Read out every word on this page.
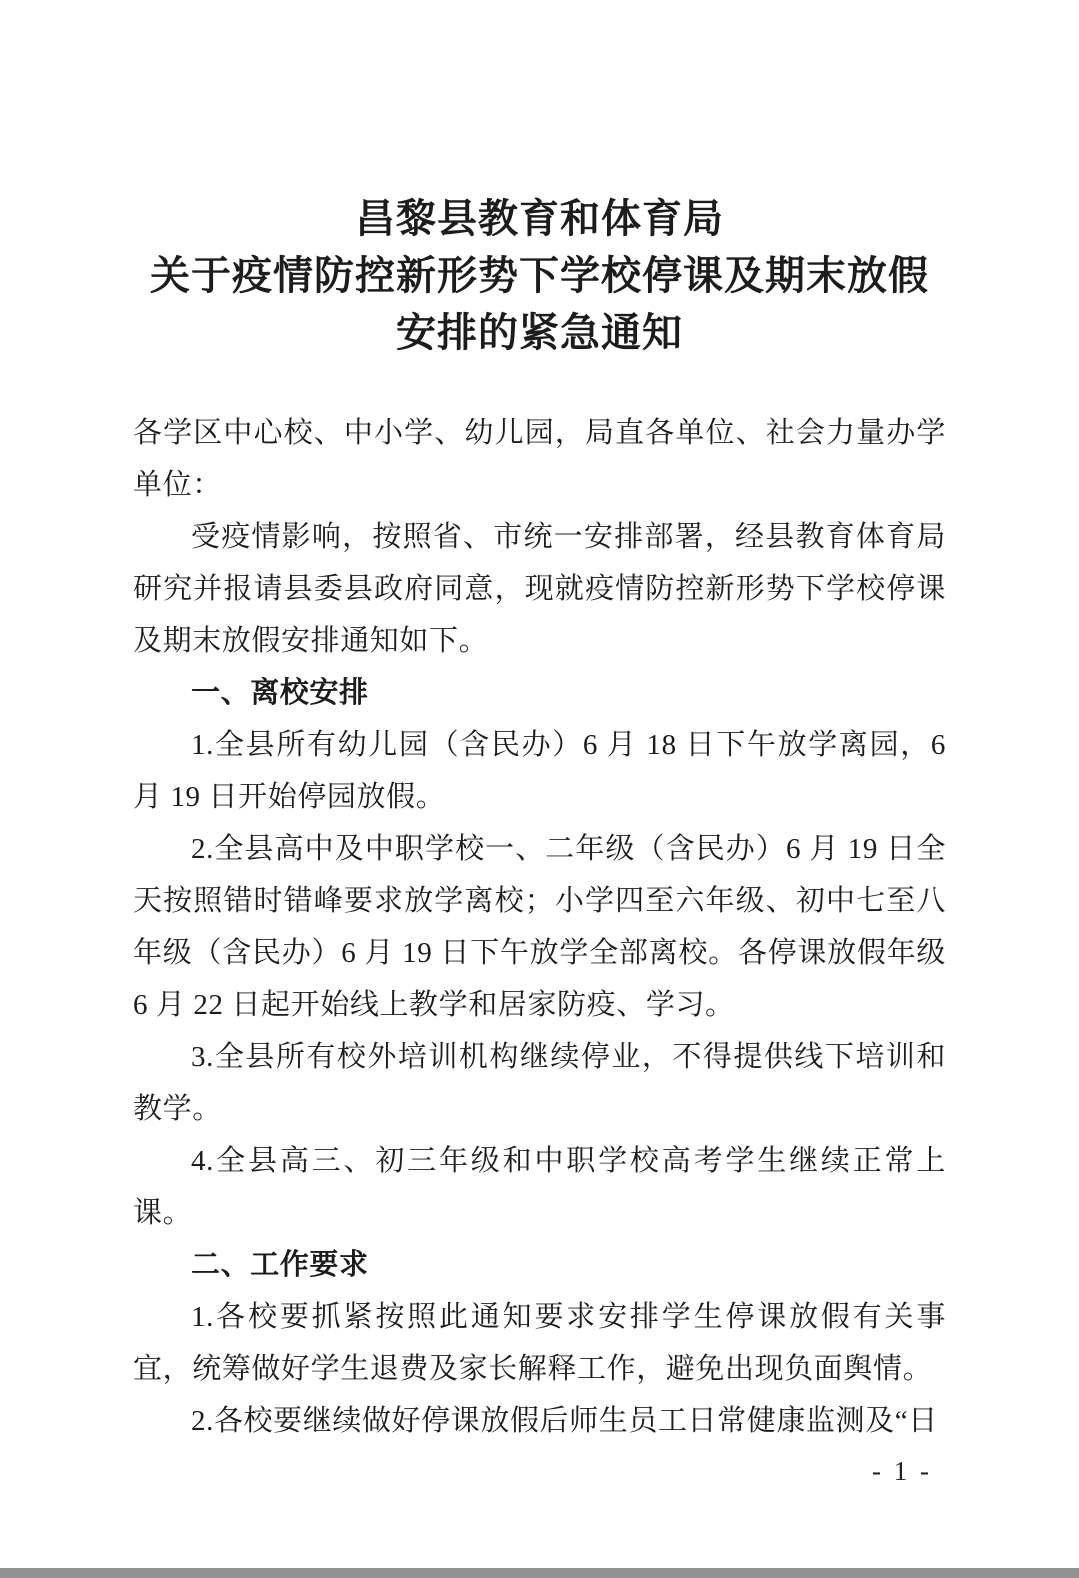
昌黎县教育和体育局
关于疫情防控新形势下学校停课及期末放假
安排的紧急通知

各学区中心校、中小学、幼儿园，局直各单位、社会力量办学单位：

受疫情影响，按照省、市统一安排部署，经县教育体育局研究并报请县委县政府同意，现就疫情防控新形势下学校停课及期末放假安排通知如下。

一、离校安排

1.全县所有幼儿园（含民办）6 月 18 日下午放学离园，6 月 19 日开始停园放假。

2.全县高中及中职学校一、二年级（含民办）6 月 19 日全天按照错时错峰要求放学离校；小学四至六年级、初中七至八年级（含民办）6 月 19 日下午放学全部离校。各停课放假年级 6 月 22 日起开始线上教学和居家防疫、学习。

3.全县所有校外培训机构继续停业，不得提供线下培训和教学。

4.全县高三、初三年级和中职学校高考学生继续正常上课。

二、工作要求

1.各校要抓紧按照此通知要求安排学生停课放假有关事宜，统筹做好学生退费及家长解释工作，避免出现负面舆情。

2.各校要继续做好停课放假后师生员工日常健康监测及“日

- 1 -
